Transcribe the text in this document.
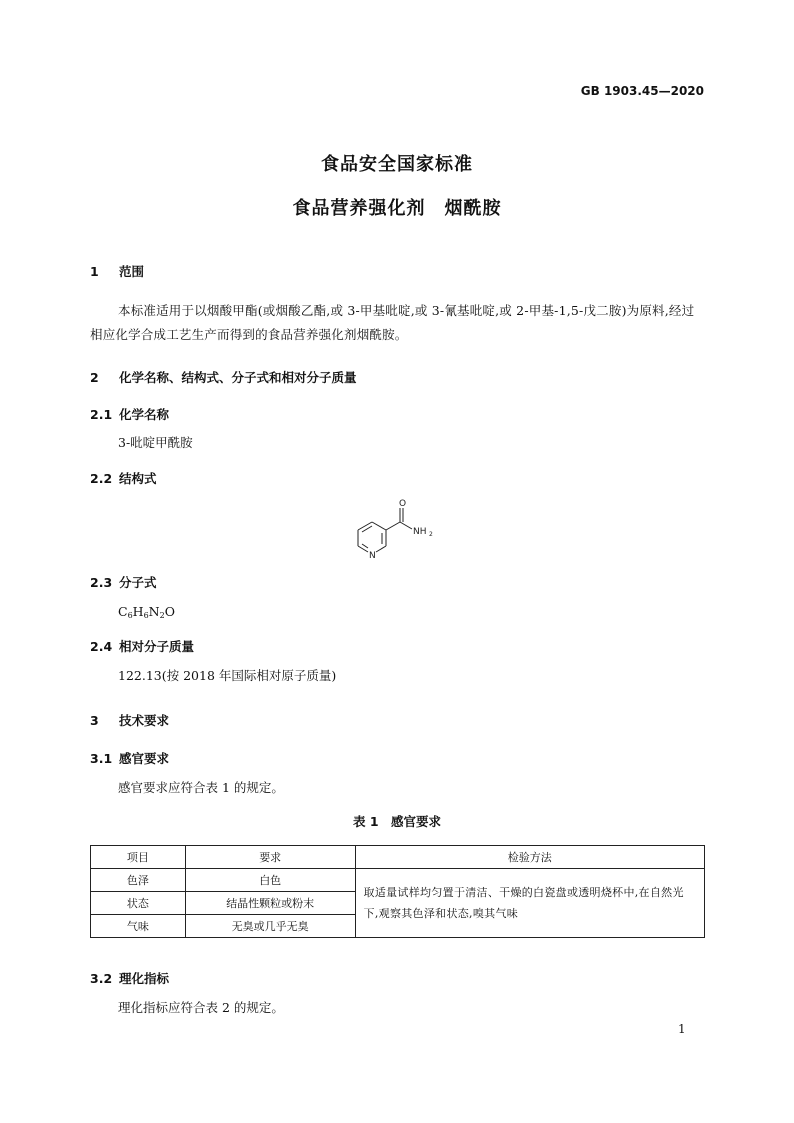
GB 1903.45—2020
食品安全国家标准
食品营养强化剂　烟酰胺
1 范围
本标准适用于以烟酸甲酯(或烟酸乙酯,或 3-甲基吡啶,或 3-氰基吡啶,或 2-甲基-1,5-戊二胺)为原料,经过相应化学合成工艺生产而得到的食品营养强化剂烟酰胺。
2 化学名称、结构式、分子式和相对分子质量
2.1 化学名称
3-吡啶甲酰胺
2.2 结构式
O
N
NH 2
2.3 分子式
$C_6H_6N_2O$
2.4 相对分子质量
122.13(按 2018 年国际相对原子质量)
3 技术要求
3.1 感官要求
感官要求应符合表 1 的规定。
表 1　感官要求
项目	要求	检验方法
色泽	白色	取适量试样均匀置于清洁、干燥的白瓷盘或透明烧杯中,在自然光下,观察其色泽和状态,嗅其气味
状态	结晶性颗粒或粉末	
气味	无臭或几乎无臭	
3.2 理化指标
理化指标应符合表 2 的规定。
1
